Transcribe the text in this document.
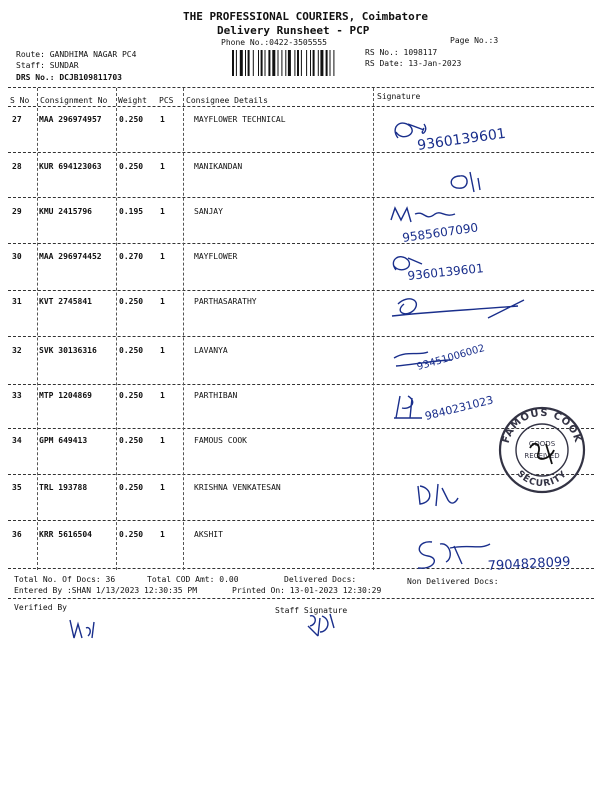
THE PROFESSIONAL COURIERS, Coimbatore
Delivery Runsheet - PCP
Phone No.:0422-3505555	Page No.:3
Route: GANDHIMA NAGAR PC4
Staff: SUNDAR
DRS No.: DCJB109811703
RS No.: 1098117
RS Date: 13-Jan-2023
S No Consignment No Weight PCS Consignee Details	Signature
27 MAA 296974957 0.250 1	MAYFLOWER TECHNICAL
28 KUR 694123063 0.250 1	MANIKANDAN
29 KMU 2415796	0.195 1	SANJAY
30 MAA 296974452 0.270 1	MAYFLOWER
31 KVT 2745841	0.250 1	PARTHASARATHY
32 SVK 30136316	0.250 1	LAVANYA
33 MTP 1204869	0.250 1	PARTHIBAN
34 GPM 649413	0.250 1	FAMOUS COOK
35 TRL 193788	0.250 1	KRISHNA VENKATESAN
36 KRR 5616504	0.250 1	AKSHIT
9360139601
D/L
9585607090
9360139601
93451006002
9840231023
FAMOUS COOK
SECURITY
GOODS
RECEIVED
D/L
7904828099
Total No. Of Docs: 36	Total COD Amt: 0.00	Delivered Docs:	Non Delivered Docs:
Entered By :SHAN 1/13/2023 12:30:35 PM	Printed On: 13-01-2023 12:30:29
Verified By	Staff Signature
